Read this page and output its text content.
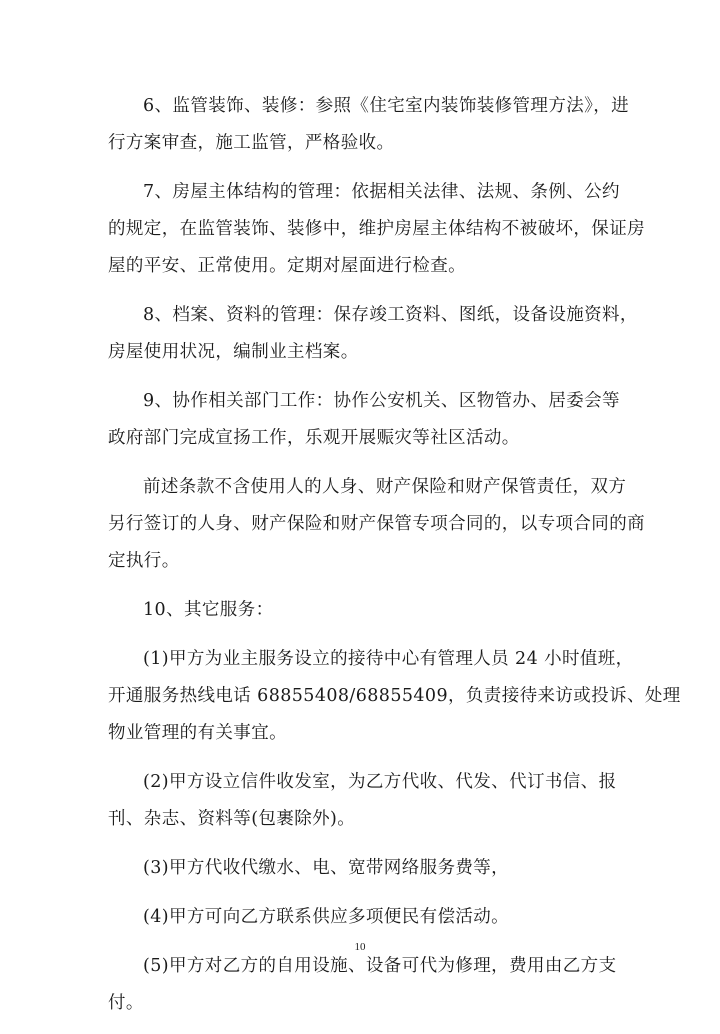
6、监管装饰、装修：参照《住宅室内装饰装修管理方法》，进
行方案审查，施工监管，严格验收。

7、房屋主体结构的管理：依据相关法律、法规、条例、公约
的规定，在监管装饰、装修中，维护房屋主体结构不被破坏，保证房
屋的平安、正常使用。定期对屋面进行检查。

8、档案、资料的管理：保存竣工资料、图纸，设备设施资料，
房屋使用状况，编制业主档案。

9、协作相关部门工作：协作公安机关、区物管办、居委会等
政府部门完成宣扬工作，乐观开展赈灾等社区活动。

前述条款不含使用人的人身、财产保险和财产保管责任，双方
另行签订的人身、财产保险和财产保管专项合同的，以专项合同的商
定执行。

10、其它服务：

(1)甲方为业主服务设立的接待中心有管理人员 24 小时值班，
开通服务热线电话 68855408/68855409，负责接待来访或投诉、处理
物业管理的有关事宜。

(2)甲方设立信件收发室，为乙方代收、代发、代订书信、报
刊、杂志、资料等(包裹除外)。

(3)甲方代收代缴水、电、宽带网络服务费等，

(4)甲方可向乙方联系供应多项便民有偿活动。

(5)甲方对乙方的自用设施、设备可代为修理，费用由乙方支
付。

10
